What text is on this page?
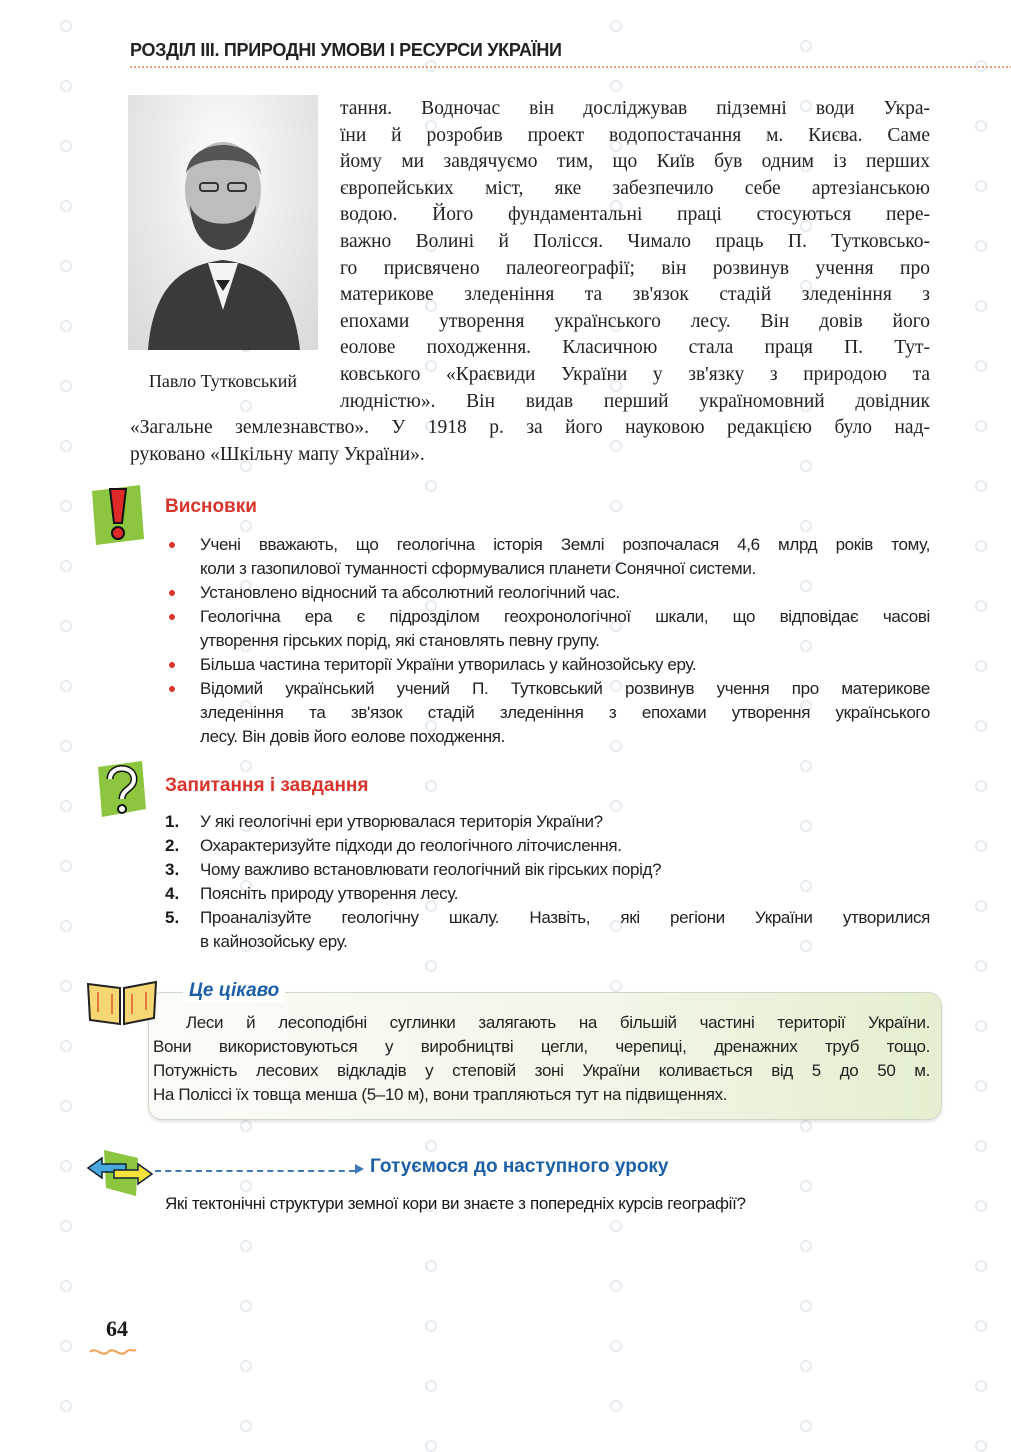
РОЗДІЛ III. ПРИРОДНІ УМОВИ І РЕСУРСИ УКРАЇНИ
Павло Тутковський
тання. Водночас він досліджував підземні води Укра-
їни й розробив проект водопостачання м. Києва. Саме
йому ми завдячуємо тим, що Київ був одним із перших
європейських міст, яке забезпечило себе артезіанською
водою. Його фундаментальні праці стосуються пере-
важно Волині й Полісся. Чимало праць П. Тутковсько-
го присвячено палеогеографії; він розвинув учення про
материкове зледеніння та зв'язок стадій зледеніння з
епохами утворення українського лесу. Він довів його
еолове походження. Класичною стала праця П. Тут-
ковського «Краєвиди України у зв'язку з природою та
людністю». Він видав перший україномовний довідник
«Загальне землезнавство». У 1918 р. за його науковою редакцією було над-
руковано «Шкільну мапу України».
Висновки
Учені вважають, що геологічна історія Землі розпочалася 4,6 млрд років тому,
коли з газопилової туманності сформувалися планети Сонячної системи.
Установлено відносний та абсолютний геологічний час.
Геологічна ера є підрозділом геохронологічної шкали, що відповідає часові
утворення гірських порід, які становлять певну групу.
Більша частина території України утворилась у кайнозойську еру.
Відомий український учений П. Тутковський розвинув учення про материкове
зледеніння та зв'язок стадій зледеніння з епохами утворення українського
лесу. Він довів його еолове походження.
Запитання і завдання
1. У які геологічні ери утворювалася територія України?
2. Охарактеризуйте підходи до геологічного літочислення.
3. Чому важливо встановлювати геологічний вік гірських порід?
4. Поясніть природу утворення лесу.
5. Проаналізуйте геологічну шкалу. Назвіть, які регіони України утворилися
в кайнозойську еру.
Це цікаво
Леси й лесоподібні суглинки залягають на більшій частині території України.
Вони використовуються у виробництві цегли, черепиці, дренажних труб тощо.
Потужність лесових відкладів у степовій зоні України коливається від 5 до 50 м.
На Поліссі їх товща менша (5–10 м), вони трапляються тут на підвищеннях.
Готуємося до наступного уроку
Які тектонічні структури земної кори ви знаєте з попередніх курсів географії?
64
